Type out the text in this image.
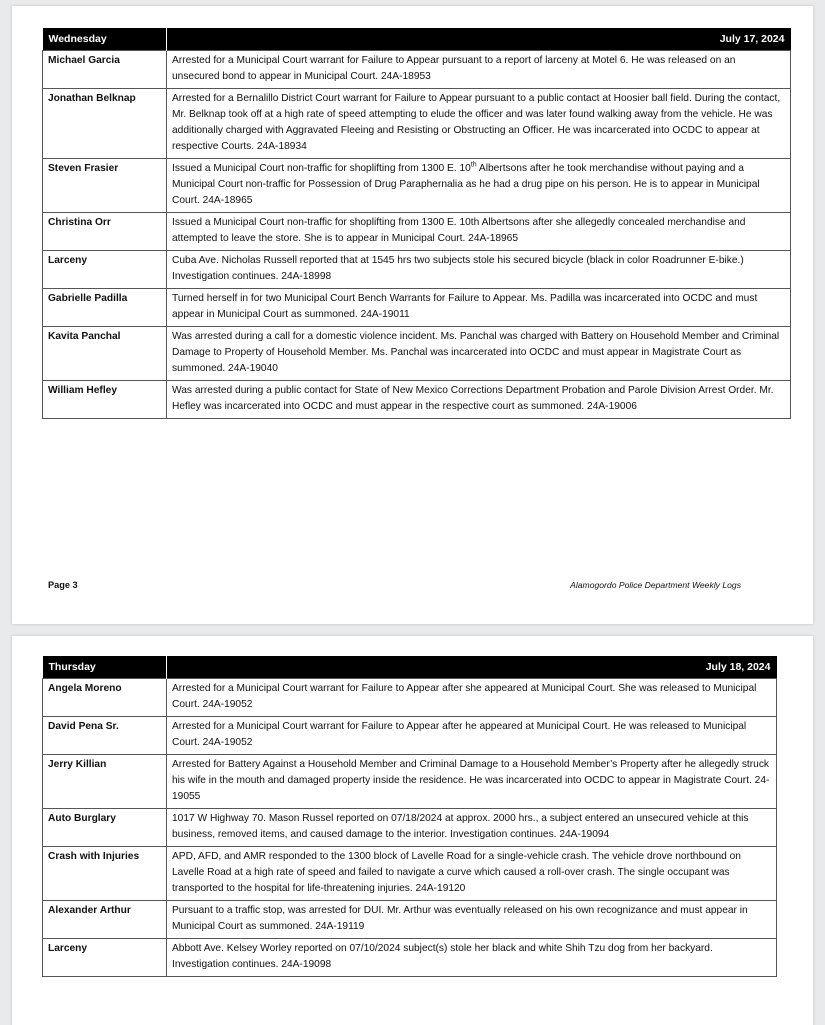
Wednesday	July 17, 2024
Michael Garcia	Arrested for a Municipal Court warrant for Failure to Appear pursuant to a report of larceny at Motel 6. He was released on an unsecured bond to appear in Municipal Court. 24A-18953
Jonathan Belknap	Arrested for a Bernalillo District Court warrant for Failure to Appear pursuant to a public contact at Hoosier ball field. During the contact, Mr. Belknap took off at a high rate of speed attempting to elude the officer and was later found walking away from the vehicle. He was additionally charged with Aggravated Fleeing and Resisting or Obstructing an Officer. He was incarcerated into OCDC to appear at respective Courts. 24A-18934
Steven Frasier	Issued a Municipal Court non-traffic for shoplifting from 1300 E. 10th Albertsons after he took merchandise without paying and a Municipal Court non-traffic for Possession of Drug Paraphernalia as he had a drug pipe on his person. He is to appear in Municipal Court. 24A-18965
Christina Orr	Issued a Municipal Court non-traffic for shoplifting from 1300 E. 10th Albertsons after she allegedly concealed merchandise and attempted to leave the store. She is to appear in Municipal Court. 24A-18965
Larceny	Cuba Ave. Nicholas Russell reported that at 1545 hrs two subjects stole his secured bicycle (black in color Roadrunner E-bike.) Investigation continues. 24A-18998
Gabrielle Padilla	Turned herself in for two Municipal Court Bench Warrants for Failure to Appear. Ms. Padilla was incarcerated into OCDC and must appear in Municipal Court as summoned. 24A-19011
Kavita Panchal	Was arrested during a call for a domestic violence incident. Ms. Panchal was charged with Battery on Household Member and Criminal Damage to Property of Household Member. Ms. Panchal was incarcerated into OCDC and must appear in Magistrate Court as summoned. 24A-19040
William Hefley	Was arrested during a public contact for State of New Mexico Corrections Department Probation and Parole Division Arrest Order. Mr. Hefley was incarcerated into OCDC and must appear in the respective court as summoned. 24A-19006
Page 3	Alamogordo Police Department Weekly Logs
Thursday	July 18, 2024
Angela Moreno	Arrested for a Municipal Court warrant for Failure to Appear after she appeared at Municipal Court. She was released to Municipal Court. 24A-19052
David Pena Sr.	Arrested for a Municipal Court warrant for Failure to Appear after he appeared at Municipal Court. He was released to Municipal Court. 24A-19052
Jerry Killian	Arrested for Battery Against a Household Member and Criminal Damage to a Household Member’s Property after he allegedly struck his wife in the mouth and damaged property inside the residence. He was incarcerated into OCDC to appear in Magistrate Court. 24-19055
Auto Burglary	1017 W Highway 70. Mason Russel reported on 07/18/2024 at approx. 2000 hrs., a subject entered an unsecured vehicle at this business, removed items, and caused damage to the interior. Investigation continues. 24A-19094
Crash with Injuries	APD, AFD, and AMR responded to the 1300 block of Lavelle Road for a single-vehicle crash. The vehicle drove northbound on Lavelle Road at a high rate of speed and failed to navigate a curve which caused a roll-over crash. The single occupant was transported to the hospital for life-threatening injuries. 24A-19120
Alexander Arthur	Pursuant to a traffic stop, was arrested for DUI. Mr. Arthur was eventually released on his own recognizance and must appear in Municipal Court as summoned. 24A-19119
Larceny	Abbott Ave. Kelsey Worley reported on 07/10/2024 subject(s) stole her black and white Shih Tzu dog from her backyard. Investigation continues. 24A-19098
